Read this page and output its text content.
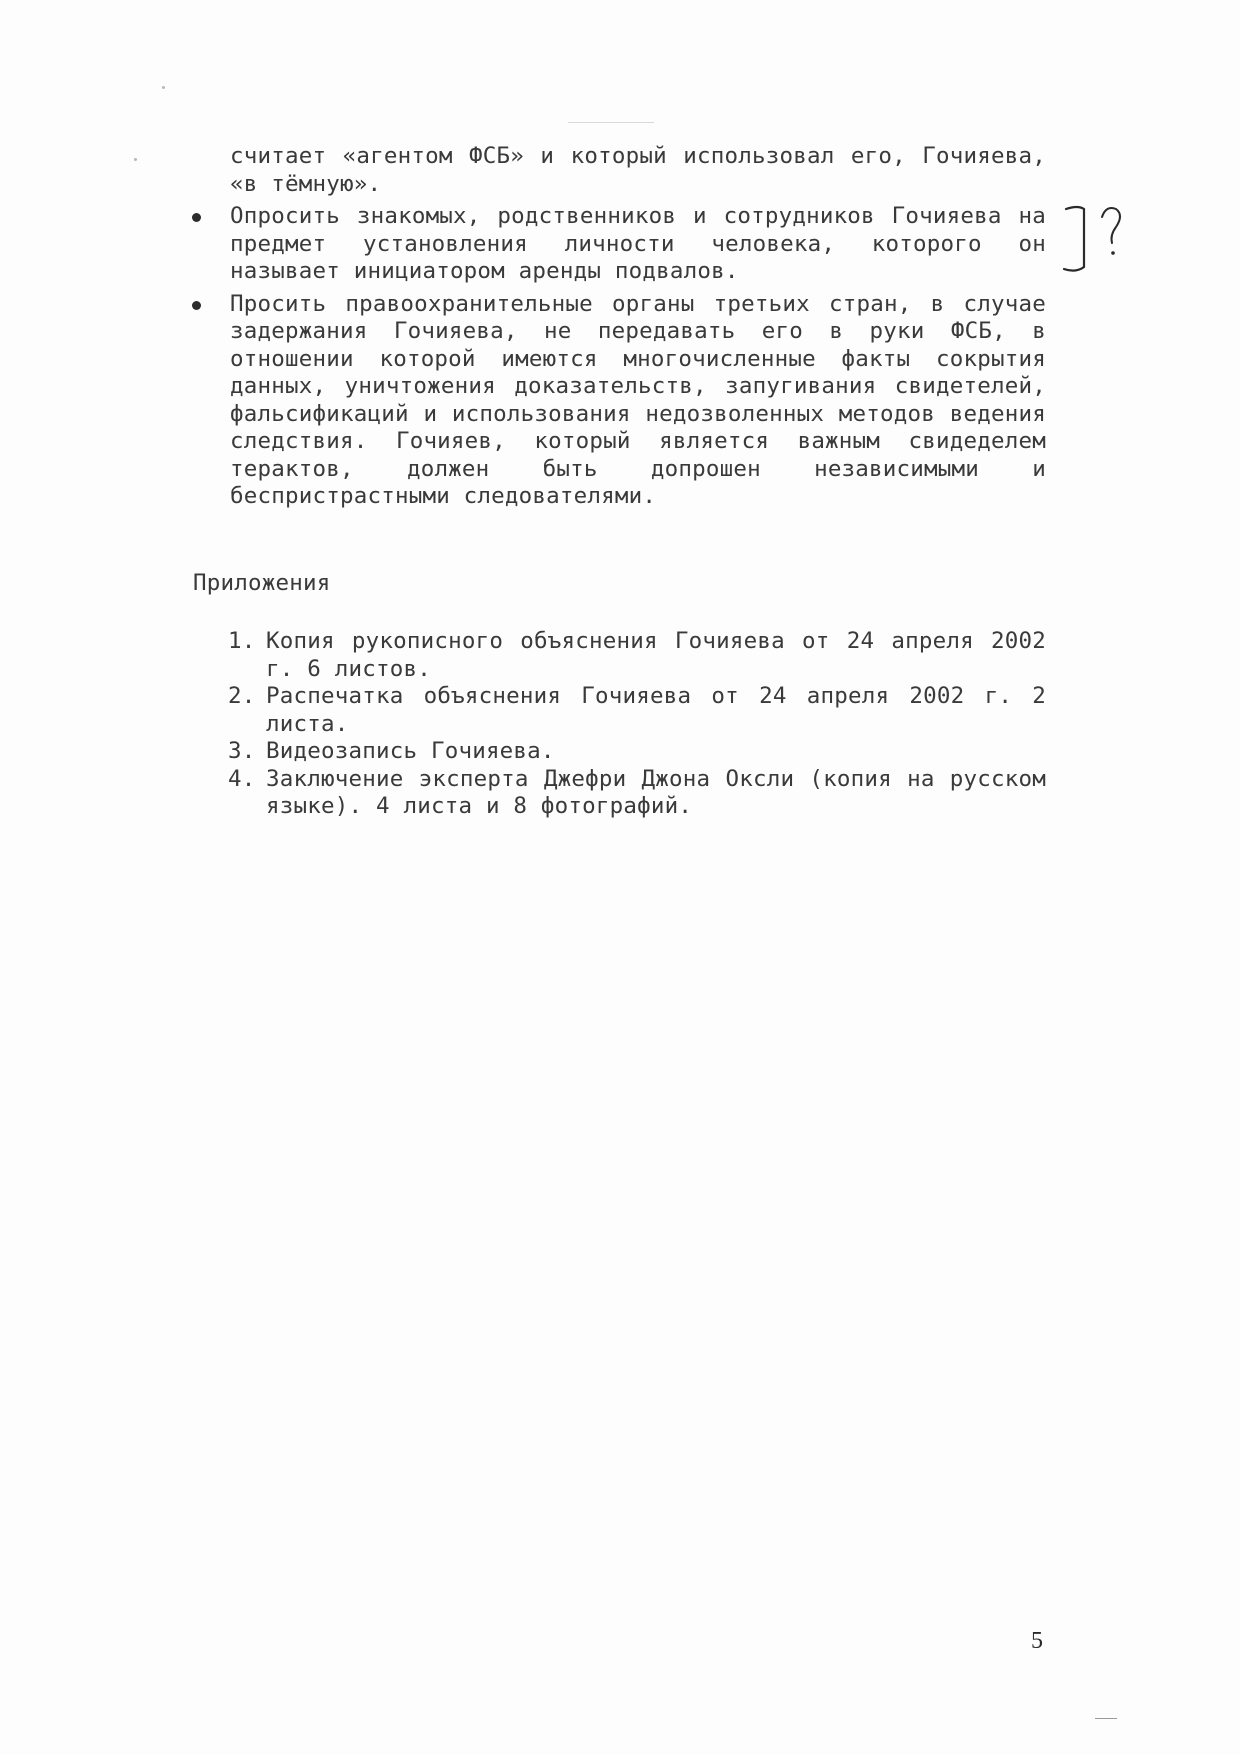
считает «агентом ФСБ» и который использовал его, Гочияева, «в тёмную».
Опросить знакомых, родственников и сотрудников Гочияева на предмет установления личности человека, которого он называет инициатором аренды подвалов.
Просить правоохранительные органы третьих стран, в случае задержания Гочияева, не передавать его в руки ФСБ, в отношении которой имеются многочисленные факты сокрытия данных, уничтожения доказательств, запугивания свидетелей, фальсификаций и использования недозволенных методов ведения следствия. Гочияев, который является важным свидеделем терактов, должен быть допрошен независимыми и беспристрастными следователями.
Приложения
1. Копия рукописного объяснения Гочияева от 24 апреля 2002 г. 6 листов.
2. Распечатка объяснения Гочияева от 24 апреля 2002 г. 2 листа.
3. Видеозапись Гочияева.
4. Заключение эксперта Джефри Джона Оксли (копия на русском языке). 4 листа и 8 фотографий.
5
